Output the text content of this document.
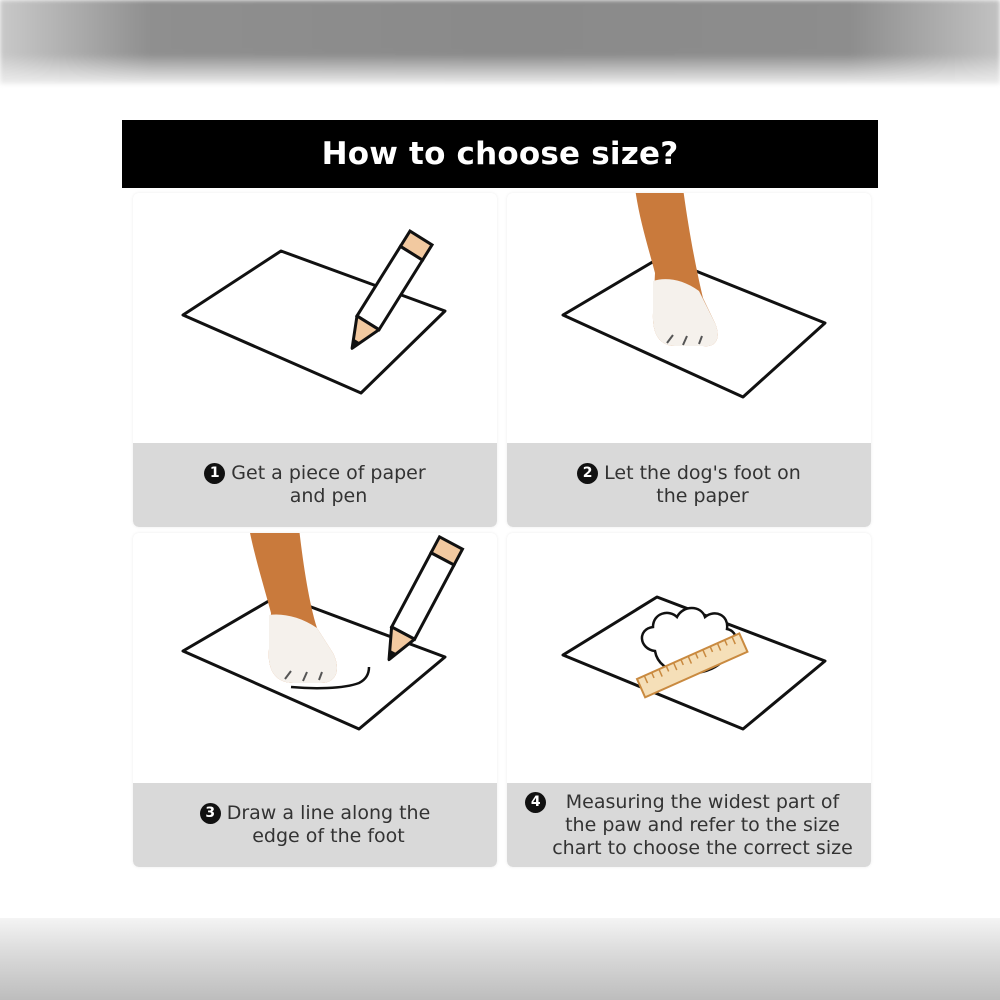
How to choose size?
1 Get a piece of paper
and pen
2 Let the dog's foot on
the paper
3 Draw a line along the
edge of the foot
4	Measuring the widest part of
the paw and refer to the size
chart to choose the correct size
